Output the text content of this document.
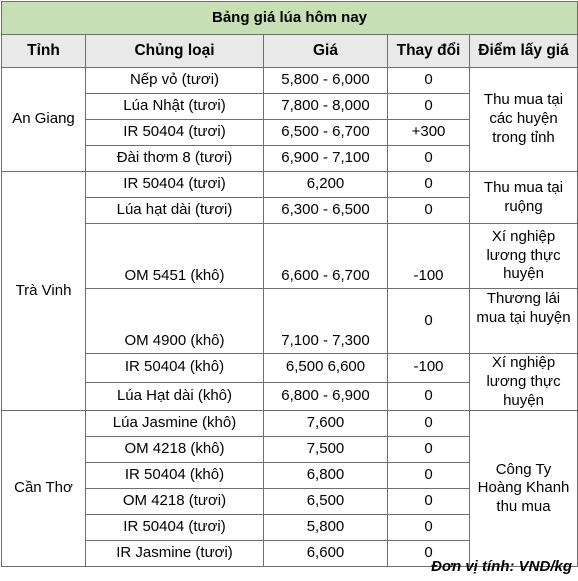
Bảng giá lúa hôm nay				
Tỉnh	Chủng loại	Giá	Thay đổi	Điểm lấy giá
An Giang	Nếp vỏ (tươi)	5,800 - 6,000	0	Thu mua tại các huyện trong tỉnh
	Lúa Nhật (tươi)	7,800 - 8,000	0	
	IR 50404 (tươi)	6,500 - 6,700	+300	
	Đài thơm 8 (tươi)	6,900 - 7,100	0	
Trà Vinh	IR 50404 (tươi)	6,200	0	Thu mua tại ruộng
	Lúa hạt dài (tươi)	6,300 - 6,500	0	
	OM 5451 (khô)	6,600 - 6,700	-100	Xí nghiệp lương thực huyện
	OM 4900 (khô)	7,100 - 7,300	0	Thương lái mua tại huyện
	IR 50404 (khô)	6,500 6,600	-100	Xí nghiệp lương thực huyện
	Lúa Hạt dài (khô)	6,800 - 6,900	0	
Cần Thơ	Lúa Jasmine (khô)	7,600	0	Công Ty Hoàng Khanh thu mua
	OM 4218 (khô)	7,500	0	
	IR 50404 (khô)	6,800	0	
	OM 4218 (tươi)	6,500	0	
	IR 50404 (tươi)	5,800	0	
	IR Jasmine (tươi)	6,600	0	
Đơn vị tính: VND/kg
